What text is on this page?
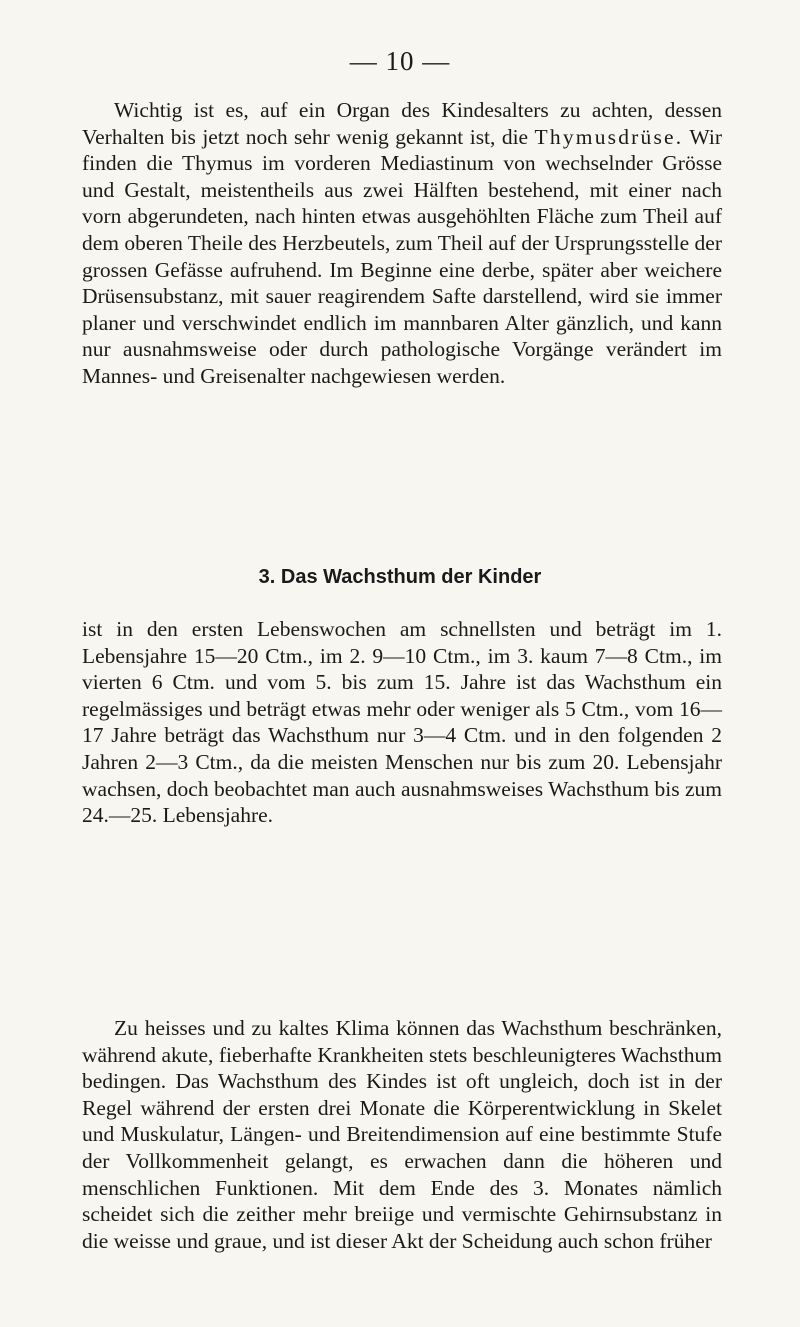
— 10 —

Wichtig ist es, auf ein Organ des Kindesalters zu achten, dessen Verhalten bis jetzt noch sehr wenig gekannt ist, die Thymusdrüse. Wir finden die Thymus im vorderen Mediastinum von wechselnder Grösse und Gestalt, meistentheils aus zwei Hälften bestehend, mit einer nach vorn abgerundeten, nach hinten etwas ausgehöhlten Fläche zum Theil auf dem oberen Theile des Herzbeutels, zum Theil auf der Ursprungsstelle der grossen Gefässe aufruhend. Im Beginne eine derbe, später aber weichere Drüsensubstanz, mit sauer reagirendem Safte darstellend, wird sie immer planer und verschwindet endlich im mannbaren Alter gänzlich, und kann nur ausnahmsweise oder durch pathologische Vorgänge verändert im Mannes- und Greisenalter nachgewiesen werden.

3. Das Wachsthum der Kinder

ist in den ersten Lebenswochen am schnellsten und beträgt im 1. Lebensjahre 15—20 Ctm., im 2. 9—10 Ctm., im 3. kaum 7—8 Ctm., im vierten 6 Ctm. und vom 5. bis zum 15. Jahre ist das Wachsthum ein regelmässiges und beträgt etwas mehr oder weniger als 5 Ctm., vom 16—17 Jahre beträgt das Wachsthum nur 3—4 Ctm. und in den folgenden 2 Jahren 2—3 Ctm., da die meisten Menschen nur bis zum 20. Lebensjahr wachsen, doch beobachtet man auch ausnahmsweises Wachsthum bis zum 24.—25. Lebensjahre.

Zu heisses und zu kaltes Klima können das Wachsthum beschränken, während akute, fieberhafte Krankheiten stets beschleunigteres Wachsthum bedingen. Das Wachsthum des Kindes ist oft ungleich, doch ist in der Regel während der ersten drei Monate die Körperentwicklung in Skelet und Muskulatur, Längen- und Breitendimension auf eine bestimmte Stufe der Vollkommenheit gelangt, es erwachen dann die höheren und menschlichen Funktionen. Mit dem Ende des 3. Monates nämlich scheidet sich die zeither mehr breiige und vermischte Gehirnsubstanz in die weisse und graue, und ist dieser Akt der Scheidung auch schon früher
